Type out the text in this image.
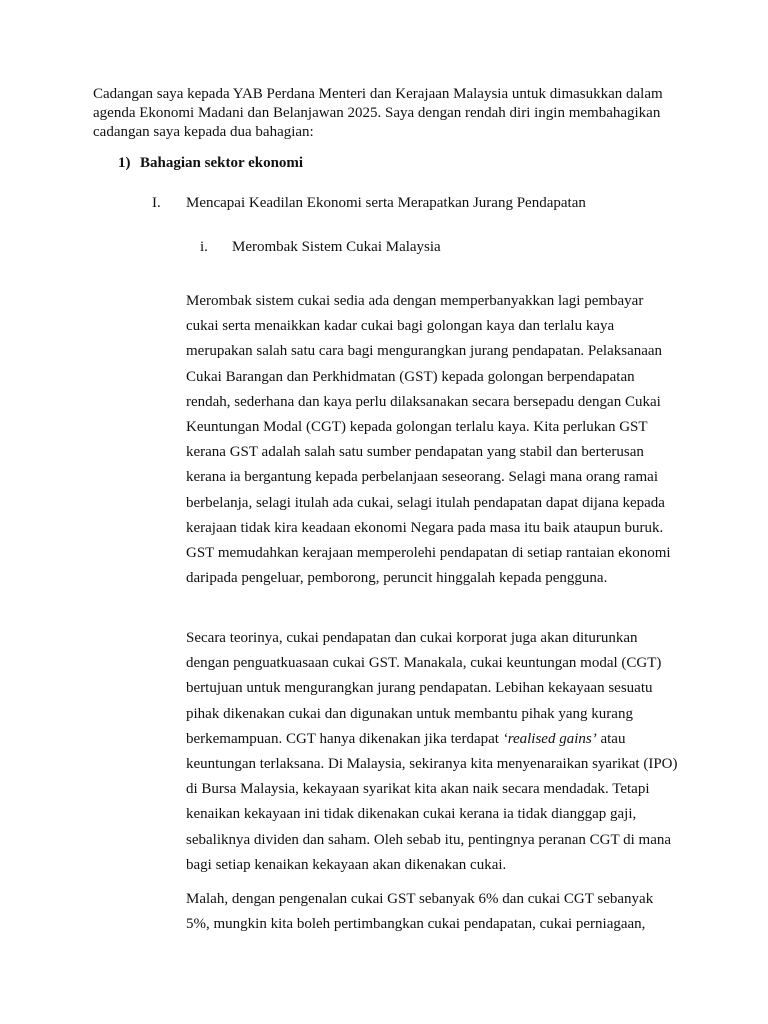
Cadangan saya kepada YAB Perdana Menteri dan Kerajaan Malaysia untuk dimasukkan dalam agenda Ekonomi Madani dan Belanjawan 2025. Saya dengan rendah diri ingin membahagikan cadangan saya kepada dua bahagian:

1) Bahagian sektor ekonomi

I. Mencapai Keadilan Ekonomi serta Merapatkan Jurang Pendapatan

i. Merombak Sistem Cukai Malaysia

Merombak sistem cukai sedia ada dengan memperbanyakkan lagi pembayar cukai serta menaikkan kadar cukai bagi golongan kaya dan terlalu kaya merupakan salah satu cara bagi mengurangkan jurang pendapatan. Pelaksanaan Cukai Barangan dan Perkhidmatan (GST) kepada golongan berpendapatan rendah, sederhana dan kaya perlu dilaksanakan secara bersepadu dengan Cukai Keuntungan Modal (CGT) kepada golongan terlalu kaya. Kita perlukan GST kerana GST adalah salah satu sumber pendapatan yang stabil dan berterusan kerana ia bergantung kepada perbelanjaan seseorang. Selagi mana orang ramai berbelanja, selagi itulah ada cukai, selagi itulah pendapatan dapat dijana kepada kerajaan tidak kira keadaan ekonomi Negara pada masa itu baik ataupun buruk. GST memudahkan kerajaan memperolehi pendapatan di setiap rantaian ekonomi daripada pengeluar, pemborong, peruncit hinggalah kepada pengguna.

Secara teorinya, cukai pendapatan dan cukai korporat juga akan diturunkan dengan penguatkuasaan cukai GST. Manakala, cukai keuntungan modal (CGT) bertujuan untuk mengurangkan jurang pendapatan. Lebihan kekayaan sesuatu pihak dikenakan cukai dan digunakan untuk membantu pihak yang kurang berkemampuan. CGT hanya dikenakan jika terdapat ‘realised gains’ atau keuntungan terlaksana. Di Malaysia, sekiranya kita menyenaraikan syarikat (IPO) di Bursa Malaysia, kekayaan syarikat kita akan naik secara mendadak. Tetapi kenaikan kekayaan ini tidak dikenakan cukai kerana ia tidak dianggap gaji, sebaliknya dividen dan saham. Oleh sebab itu, pentingnya peranan CGT di mana bagi setiap kenaikan kekayaan akan dikenakan cukai.

Malah, dengan pengenalan cukai GST sebanyak 6% dan cukai CGT sebanyak 5%, mungkin kita boleh pertimbangkan cukai pendapatan, cukai perniagaan,
